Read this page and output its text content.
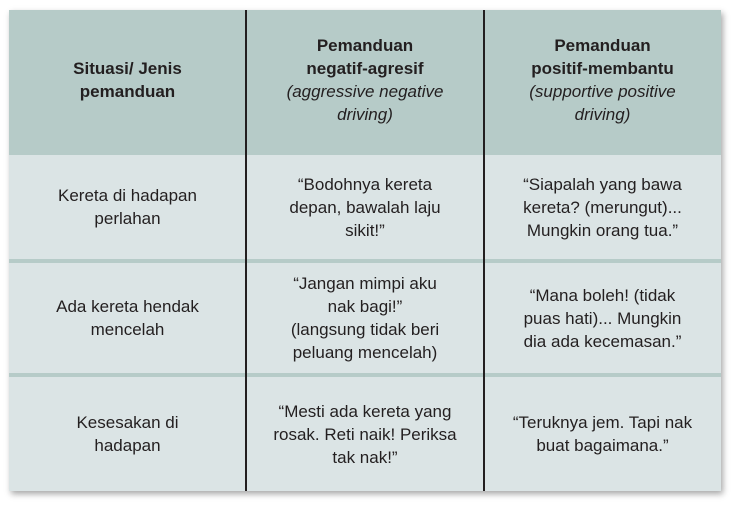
Situasi/ Jenis
pemanduan
Pemanduan
negatif-agresif
(aggressive negative
driving)
Pemanduan
positif-membantu
(supportive positive
driving)
Kereta di hadapan
perlahan
“Bodohnya kereta
depan, bawalah laju
sikit!”
“Siapalah yang bawa
kereta? (merungut)...
Mungkin orang tua.”
Ada kereta hendak
mencelah
“Jangan mimpi aku
nak bagi!”
(langsung tidak beri
peluang mencelah)
“Mana boleh! (tidak
puas hati)... Mungkin
dia ada kecemasan.”
Kesesakan di
hadapan
“Mesti ada kereta yang
rosak. Reti naik! Periksa
tak nak!”
“Teruknya jem. Tapi nak
buat bagaimana.”
